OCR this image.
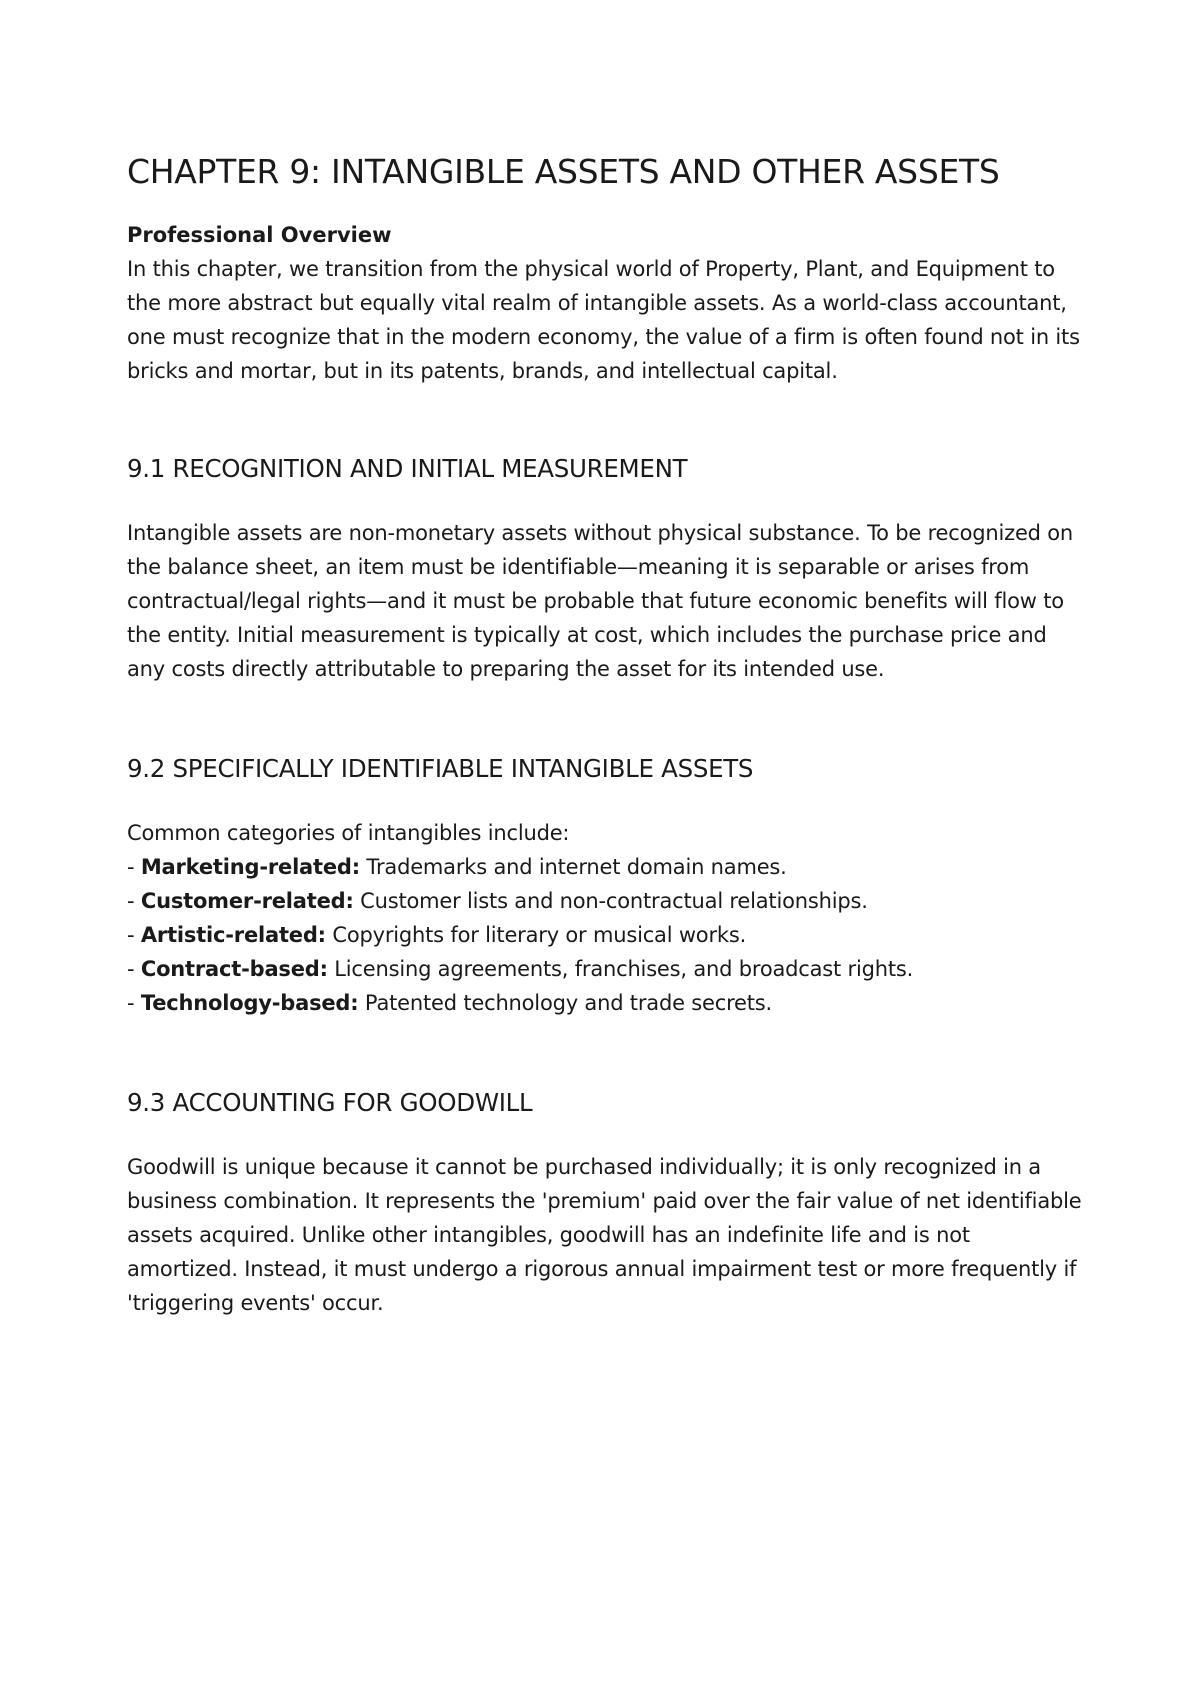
CHAPTER 9: INTANGIBLE ASSETS AND OTHER ASSETS
Professional Overview

In this chapter, we transition from the physical world of Property, Plant, and Equipment to the more abstract but equally vital realm of intangible assets. As a world-class accountant, one must recognize that in the modern economy, the value of a firm is often found not in its bricks and mortar, but in its patents, brands, and intellectual capital.

9.1 RECOGNITION AND INITIAL MEASUREMENT

Intangible assets are non-monetary assets without physical substance. To be recognized on the balance sheet, an item must be identifiable—meaning it is separable or arises from contractual/legal rights—and it must be probable that future economic benefits will flow to the entity. Initial measurement is typically at cost, which includes the purchase price and any costs directly attributable to preparing the asset for its intended use.

9.2 SPECIFICALLY IDENTIFIABLE INTANGIBLE ASSETS

Common categories of intangibles include:

- Marketing-related: Trademarks and internet domain names.
- Customer-related: Customer lists and non-contractual relationships.
- Artistic-related: Copyrights for literary or musical works.
- Contract-based: Licensing agreements, franchises, and broadcast rights.
- Technology-based: Patented technology and trade secrets.
9.3 ACCOUNTING FOR GOODWILL

Goodwill is unique because it cannot be purchased individually; it is only recognized in a business combination. It represents the 'premium' paid over the fair value of net identifiable assets acquired. Unlike other intangibles, goodwill has an indefinite life and is not amortized. Instead, it must undergo a rigorous annual impairment test or more frequently if 'triggering events' occur.
